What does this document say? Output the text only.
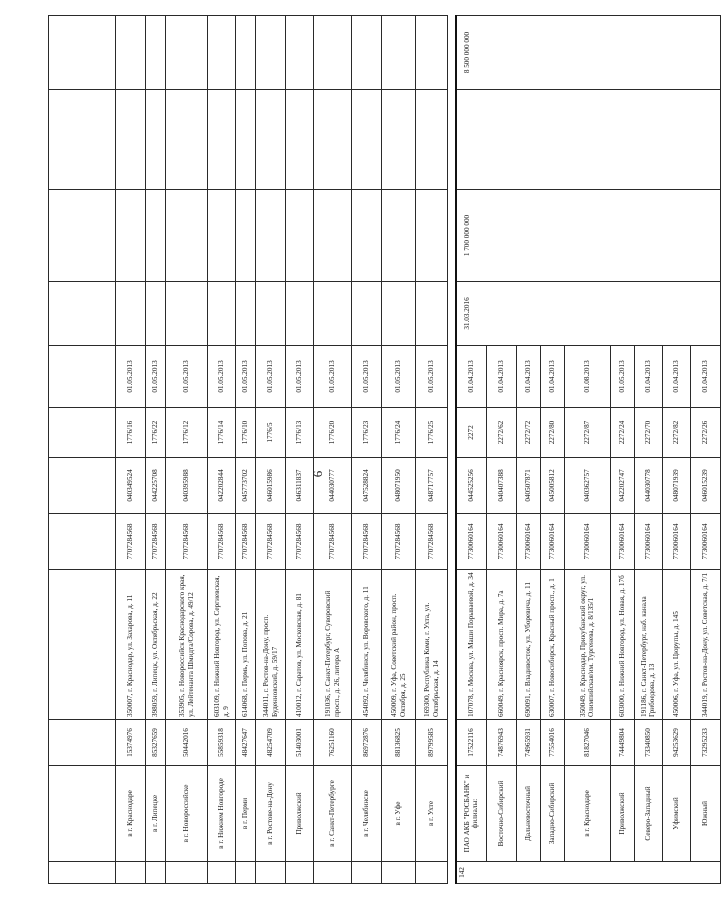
6

	в г. Краснодаре	15374976	350007, г. Краснодар, ул. Захарова, д. 11	7707284568	040349524	1776/16	01.05.2013				
	в г. Липецке	85327659	398059, г. Липецк, ул. Октябрьская, д. 22	7707284568	044225708	1776/22	01.05.2013				
	в г. Новороссийске	50442016	353905, г. Новороссийск Краснодарского края, ул. Лейтенанта Шмидта/Сорова, д. 49/12	7707284568	040395988	1776/12	01.05.2013				
	в г. Нижнем Новгороде	55859318	603109, г. Нижний Новгород, ул. Сергиевская, д. 9	7707284568	042202844	1776/14	01.05.2013				
	в г. Перми	48427647	614068, г. Пермь, ул. Попова, д. 21	7707284568	045773702	1776/10	01.05.2013				
	в г. Ростове-на-Дону	48254709	344011, г. Ростов-на-Дону, просп. Буденновский, д. 59/17	7707284568	046015986	1776/5	01.05.2013				
	Приволжский	51403001	410012, г. Саратов, ул. Московская, д. 81	7707284568	046311837	1776/13	01.05.2013				
	в г. Санкт-Петербурге	76251160	191036, г. Санкт-Петербург, Суворовский просп., д. 26, литера А	7707284568	044030777	1776/20	01.05.2013				
	в г. Челябинске	86972876	454092, г. Челябинск, ул. Воровского, д. 11	7707284568	047528824	1776/23	01.05.2013				
	в г. Уфе	88136825	450009, г. Уфа, Советский район, просп. Октября, д. 25	7707284568	048071950	1776/24	01.05.2013				
	в г. Ухте	89799585	169300, Республика Коми, г. Ухта, ул. Октябрьская, д. 14	7707284568	048717757	1776/25	01.05.2013				

142	ПАО АКБ "РОСБАНК" и филиалы:	17522116	107078, г. Москва, ул. Маши Порываевой, д. 34	7730060164	044525256	2272	01.04.2013	31.03.2016	1 700 000 000		8 500 000 000
	Восточно-Сибирский	74876943	660049, г. Красноярск, просп. Мира, д. 7а	7730060164	040407388	2272/62	01.04.2013				
	Дальневосточный	74965931	690091, г. Владивосток, ул. Уборевича, д. 11	7730060164	040507871	2272/72	01.04.2013				
	Западно-Сибирский	77554016	630007, г. Новосибирск, Красный просп., д. 1	7730060164	045005812	2272/80	01.04.2013				
	в г. Краснодаре	81827046	350049, г. Краснодар, Прикубанский округ, ул. Олимпийская/им. Тургенева, д. 8/135/1	7730060164	040362757	2272/87	01.08.2013				
	Приволжский	74449804	603000, г. Нижний Новгород, ул. Новая, д. 17б	7730060164	042202747	2272/24	01.05.2013				
	Северо-Западный	73340850	191186, г. Санкт-Петербург, наб. канала Грибоедова, д. 13	7730060164	044030778	2272/70	01.04.2013				
	Уфимский	94253629	450006, г. Уфа, ул. Цюрупы, д. 145	7730060164	048071939	2272/82	01.04.2013				
	Южный	73295233	344019, г. Ростов-на-Дону, ул. Советская, д. 7/1	7730060164	046015239	2272/26	01.04.2013				
